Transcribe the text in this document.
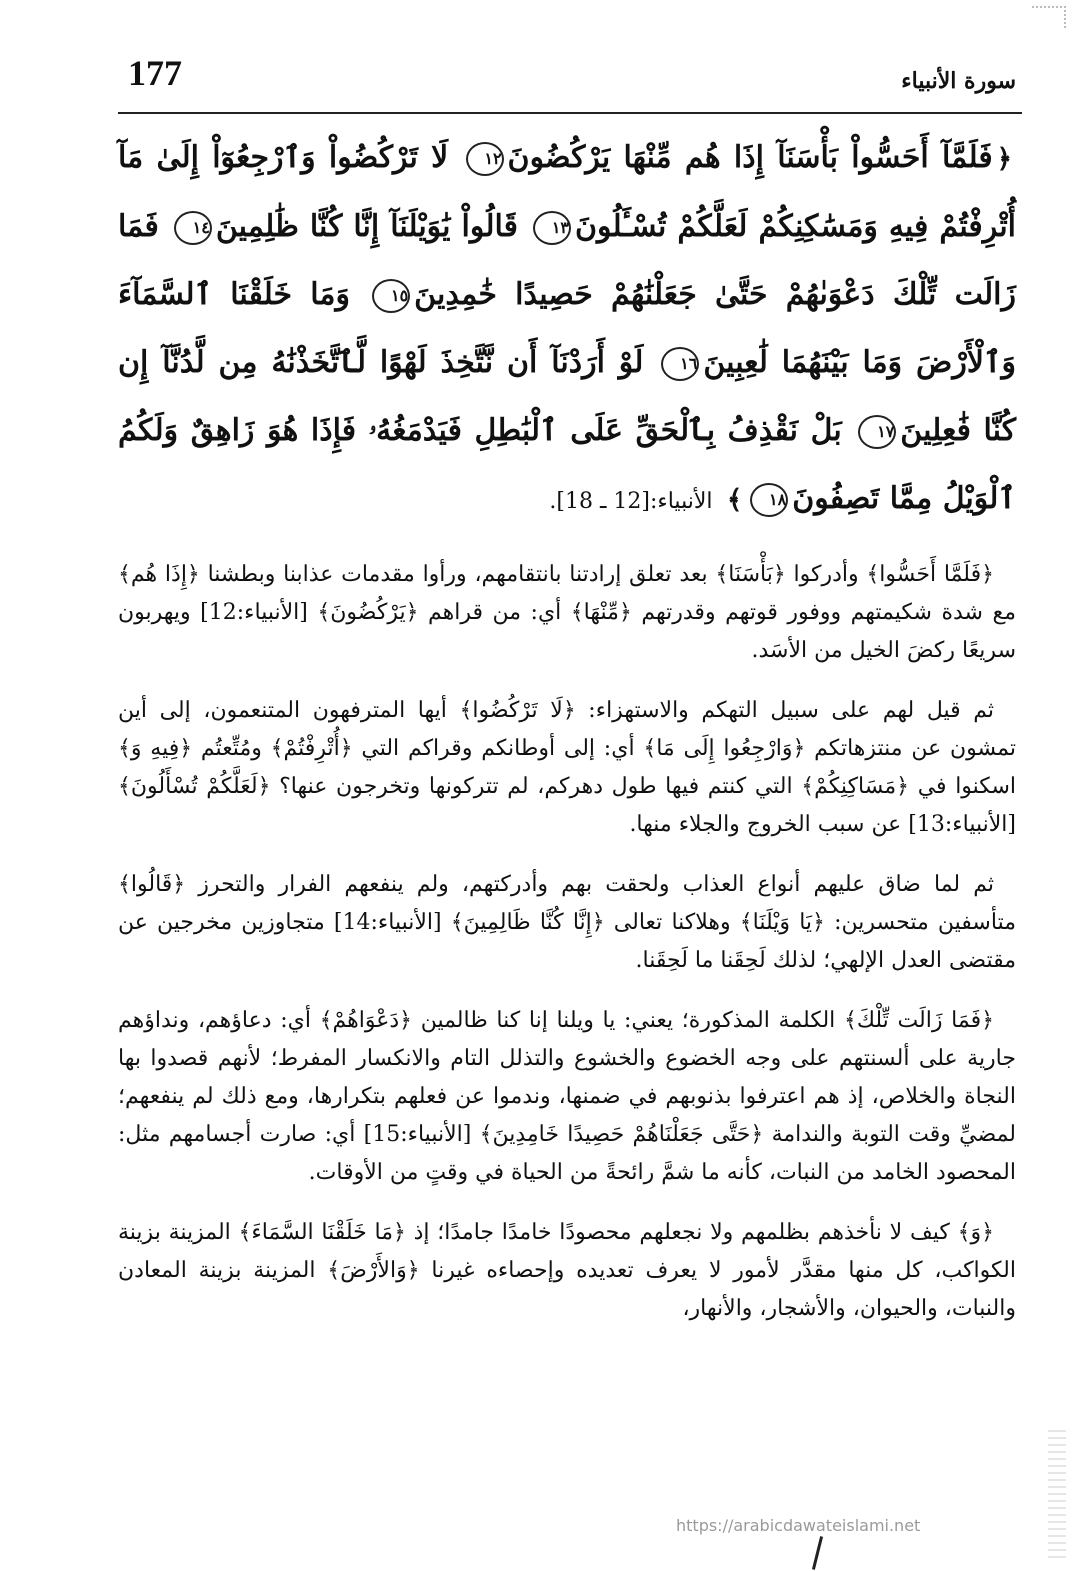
177	سورة الأنبياء
﴿فَلَمَّآ أَحَسُّواْ بَأْسَنَآ إِذَا هُم مِّنْهَا يَرْكُضُونَ١٢ لَا تَرْكُضُواْ وَٱرْجِعُوٓاْ إِلَىٰ مَآ أُتْرِفْتُمْ فِيهِ وَمَسَٰكِنِكُمْ لَعَلَّكُمْ تُسْـَٔلُونَ١٣ قَالُواْ يَٰوَيْلَنَآ إِنَّا كُنَّا ظَٰلِمِينَ١٤ فَمَا زَالَت تِّلْكَ دَعْوَىٰهُمْ حَتَّىٰ جَعَلْنَٰهُمْ حَصِيدًا خَٰمِدِينَ١٥ وَمَا خَلَقْنَا ٱلسَّمَآءَ وَٱلْأَرْضَ وَمَا بَيْنَهُمَا لَٰعِبِينَ١٦ لَوْ أَرَدْنَآ أَن نَّتَّخِذَ لَهْوًا لَّٱتَّخَذْنَٰهُ مِن لَّدُنَّآ إِن كُنَّا فَٰعِلِينَ١٧ بَلْ نَقْذِفُ بِٱلْحَقِّ عَلَى ٱلْبَٰطِلِ فَيَدْمَغُهُۥ فَإِذَا هُوَ زَاهِقٌ وَلَكُمُ ٱلْوَيْلُ مِمَّا تَصِفُونَ١٨﴾ الأنبياء:[12 ـ 18].

﴿فَلَمَّا أَحَسُّوا﴾ وأدركوا ﴿بَأْسَنَا﴾ بعد تعلق إرادتنا بانتقامهم، ورأوا مقدمات عذابنا وبطشنا ﴿إِذَا هُم﴾ مع شدة شكيمتهم ووفور قوتهم وقدرتهم ﴿مِّنْهَا﴾ أي: من قراهم ﴿يَرْكُضُونَ﴾ [الأنبياء:12] ويهربون سريعًا ركضَ الخيل من الأسَد.

ثم قيل لهم على سبيل التهكم والاستهزاء: ﴿لَا تَرْكُضُوا﴾ أيها المترفهون المتنعمون، إلى أين تمشون عن منتزهاتكم ﴿وَارْجِعُوا إِلَى مَا﴾ أي: إلى أوطانكم وقراكم التي ﴿أُتْرِفْتُمْ﴾ ومُتِّعتُم ﴿فِيهِ وَ﴾ اسكنوا في ﴿مَسَاكِنِكُمْ﴾ التي كنتم فيها طول دهركم، لم تتركونها وتخرجون عنها؟ ﴿لَعَلَّكُمْ تُسْأَلُونَ﴾ [الأنبياء:13] عن سبب الخروج والجلاء منها.

ثم لما ضاق عليهم أنواع العذاب ولحقت بهم وأدركتهم، ولم ينفعهم الفرار والتحرز ﴿قَالُوا﴾ متأسفين متحسرين: ﴿يَا وَيْلَنَا﴾ وهلاكنا تعالى ﴿إِنَّا كُنَّا ظَالِمِينَ﴾ [الأنبياء:14] متجاوزين مخرجين عن مقتضى العدل الإلهي؛ لذلك لَحِقَنا ما لَحِقَنا.

﴿فَمَا زَالَت تِّلْكَ﴾ الكلمة المذكورة؛ يعني: يا ويلنا إنا كنا ظالمين ﴿دَعْوَاهُمْ﴾ أي: دعاؤهم، ونداؤهم جارية على ألسنتهم على وجه الخضوع والخشوع والتذلل التام والانكسار المفرط؛ لأنهم قصدوا بها النجاة والخلاص، إذ هم اعترفوا بذنوبهم في ضمنها، وندموا عن فعلهم بتكرارها، ومع ذلك لم ينفعهم؛ لمضيِّ وقت التوبة والندامة ﴿حَتَّى جَعَلْنَاهُمْ حَصِيدًا خَامِدِينَ﴾ [الأنبياء:15] أي: صارت أجسامهم مثل: المحصود الخامد من النبات، كأنه ما شمَّ رائحةً من الحياة في وقتٍ من الأوقات.

﴿وَ﴾ كيف لا نأخذهم بظلمهم ولا نجعلهم محصودًا خامدًا جامدًا؛ إذ ﴿مَا خَلَقْنَا السَّمَاءَ﴾ المزينة بزينة الكواكب، كل منها مقدَّر لأمور لا يعرف تعديده وإحصاءه غيرنا ﴿وَالأَرْضَ﴾ المزينة بزينة المعادن والنبات، والحيوان، والأشجار، والأنهار،

https://arabicdawateislami.net
